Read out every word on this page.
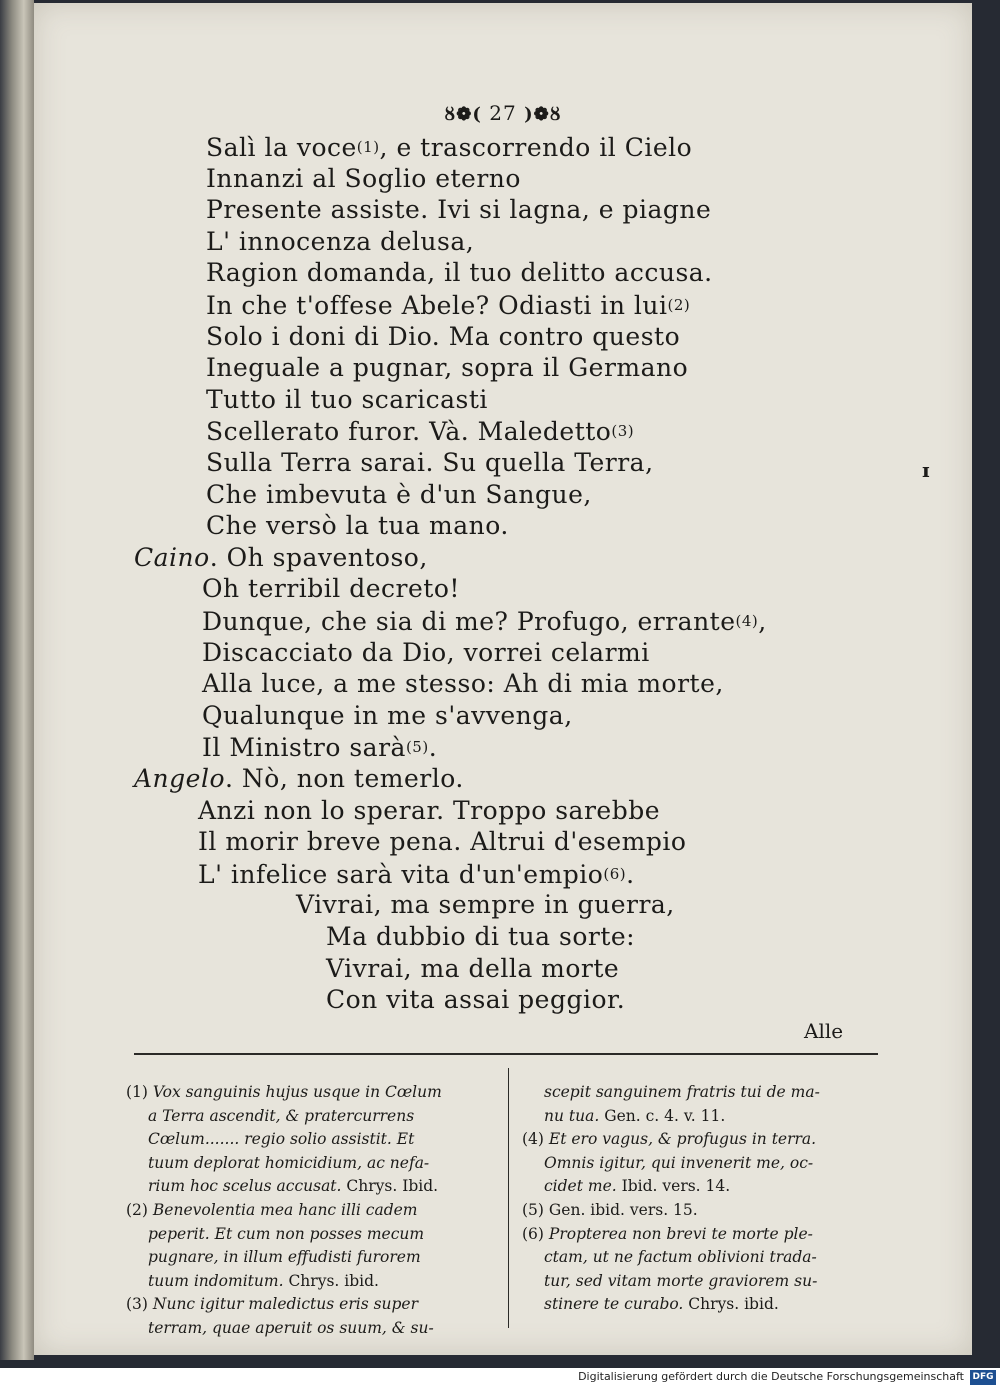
ȣ❁( 27 )❁ȣ
Salì la voce(1), e trascorrendo il Cielo
Innanzi al Soglio eterno
Presente assiste. Ivi si lagna, e piagne
L' innocenza delusa,
Ragion domanda, il tuo delitto accusa.
In che t'offese Abele? Odiasti in lui(2)
Solo i doni di Dio. Ma contro questo
Ineguale a pugnar, sopra il Germano
Tutto il tuo scaricasti
Scellerato furor. Và. Maledetto(3)
Sulla Terra sarai. Su quella Terra,
Che imbevuta è d'un Sangue,
Che versò la tua mano.
Caino. Oh spaventoso,
Oh terribil decreto!
Dunque, che sia di me? Profugo, errante(4),
Discacciato da Dio, vorrei celarmi
Alla luce, a me stesso: Ah di mia morte,
Qualunque in me s'avvenga,
Il Ministro sarà(5).
Angelo. Nò, non temerlo.
Anzi non lo sperar. Troppo sarebbe
Il morir breve pena. Altrui d'esempio
L' infelice sarà vita d'un'empio(6).
Vivrai, ma sempre in guerra,
Ma dubbio di tua sorte:
Vivrai, ma della morte
Con vita assai peggior.
ɪ
Alle
(1) Vox sanguinis hujus usque in Cœlum
a Terra ascendit, & pratercurrens
Cœlum....... regio solio assistit. Et
tuum deplorat homicidium, ac nefa-
rium hoc scelus accusat. Chrys. Ibid.
(2) Benevolentia mea hanc illi cadem
peperit. Et cum non posses mecum
pugnare, in illum effudisti furorem
tuum indomitum. Chrys. ibid.
(3) Nunc igitur maledictus eris super
terram, quae aperuit os suum, & su-
scepit sanguinem fratris tui de ma-
nu tua. Gen. c. 4. v. 11.
(4) Et ero vagus, & profugus in terra.
Omnis igitur, qui invenerit me, oc-
cidet me. Ibid. vers. 14.
(5) Gen. ibid. vers. 15.
(6) Propterea non brevi te morte ple-
ctam, ut ne factum oblivioni trada-
tur, sed vitam morte graviorem su-
stinere te curabo. Chrys. ibid.
Digitalisierung gefördert durch die Deutsche Forschungsgemeinschaft DFG
